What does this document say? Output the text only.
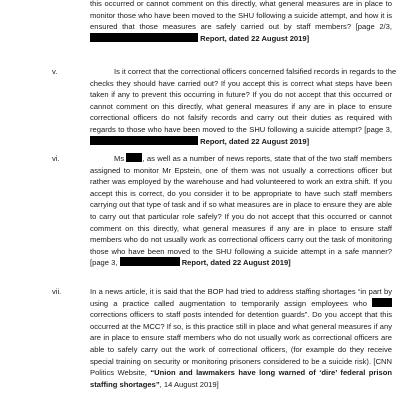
this occurred or cannot comment on this directly, what general measures are in place to
monitor those who have been moved to the SHU following a suicide attempt, and how it is
ensured that those measures are safely carried out by staff members? [page 2/3,
Report, dated 22 August 2019]
v.	Is it correct that the correctional officers concerned falsified records in regards to the
checks they should have carried out? If you accept this is correct what steps have been
taken if any to prevent this occurring in future? If you do not accept that this occurred or
cannot comment on this directly, what general measures if any are in place to ensure
correctional officers do not falsify records and carry out their duties as required with
regards to those who have been moved to the SHU following a suicide attempt? [page 3,
Report, dated 22 August 2019]
vi.	Ms , as well as a number of news reports, state that of the two staff members
assigned to monitor Mr Epstein, one of them was not usually a corrections officer but
rather was employed by the warehouse and had volunteered to work an extra shift. If you
accept this is correct, do you consider it to be appropriate to have such staff members
carrying out that type of task and if so what measures are in place to ensure they are able
to carry out that particular role safely? If you do not accept that this occurred or cannot
comment on this directly, what general measures if any are in place to ensure staff
members who do not usually work as correctional officers carry out the task of monitoring
those who have been moved to the SHU following a suicide attempt in a safe manner?
[page 3,	Report, dated 22 August 2019]
vii.	In a news article, it is said that the BOP had tried to address staffing shortages “in part by
using a practice called augmentation to temporarily assign employees who
corrections officers to staff posts intended for detention guards”. Do you accept that this
occurred at the MCC? If so, is this practice still in place and what general measures if any
are in place to ensure staff members who do not usually work as correctional officers are
able to safely carry out the work of correctional officers, (for example do they receive
special training on security or monitoring prisoners considered to be a suicide risk). [CNN
Politics Website, “Union and lawmakers have long warned of ‘dire’ federal prison
staffing shortages”, 14 August 2019]
